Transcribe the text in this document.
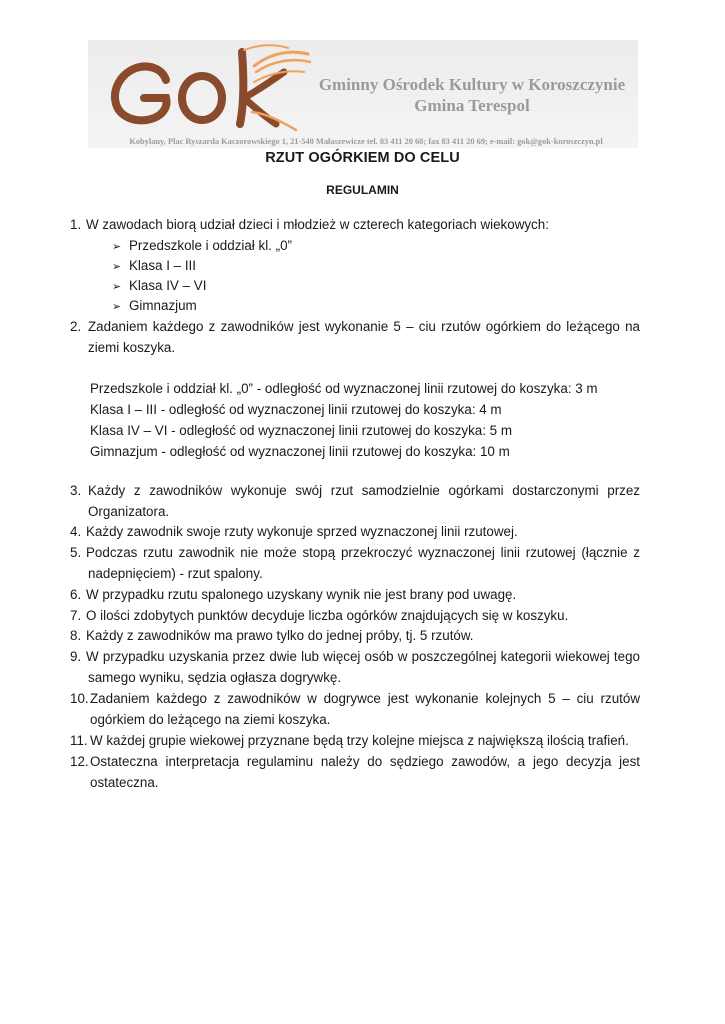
Gminny Ośrodek Kultury w Koroszczynie
Gmina Terespol
Kobylany, Plac Ryszarda Kaczorowskiego 1, 21-540 Małaszewicze tel. 83 411 20 60; fax 83 411 20 69; e-mail: gok@gok-koroszczyn.pl
RZUT OGÓRKIEM DO CELU
REGULAMIN
1. W zawodach biorą udział dzieci i młodzież w czterech kategoriach wiekowych:
➢ Przedszkole i oddział kl. „0”
➢ Klasa I – III
➢ Klasa IV – VI
➢ Gimnazjum
2. Zadaniem każdego z zawodników jest wykonanie 5 – ciu rzutów ogórkiem do leżącego na
ziemi koszyka.
Przedszkole i oddział kl. „0” - odległość od wyznaczonej linii rzutowej do koszyka: 3 m
Klasa I – III - odległość od wyznaczonej linii rzutowej do koszyka: 4 m
Klasa IV – VI - odległość od wyznaczonej linii rzutowej do koszyka: 5 m
Gimnazjum - odległość od wyznaczonej linii rzutowej do koszyka: 10 m
3. Każdy z zawodników wykonuje swój rzut samodzielnie ogórkami dostarczonymi przez
Organizatora.
4. Każdy zawodnik swoje rzuty wykonuje sprzed wyznaczonej linii rzutowej.
5. Podczas rzutu zawodnik nie może stopą przekroczyć wyznaczonej linii rzutowej (łącznie z
nadepnięciem) - rzut spalony.
6. W przypadku rzutu spalonego uzyskany wynik nie jest brany pod uwagę.
7. O ilości zdobytych punktów decyduje liczba ogórków znajdujących się w koszyku.
8. Każdy z zawodników ma prawo tylko do jednej próby, tj. 5 rzutów.
9. W przypadku uzyskania przez dwie lub więcej osób w poszczególnej kategorii wiekowej tego
samego wyniku, sędzia ogłasza dogrywkę.
10. Zadaniem każdego z zawodników w dogrywce jest wykonanie kolejnych 5 – ciu rzutów
ogórkiem do leżącego na ziemi koszyka.
11. W każdej grupie wiekowej przyznane będą trzy kolejne miejsca z największą ilością trafień.
12. Ostateczna interpretacja regulaminu należy do sędziego zawodów, a jego decyzja jest
ostateczna.
